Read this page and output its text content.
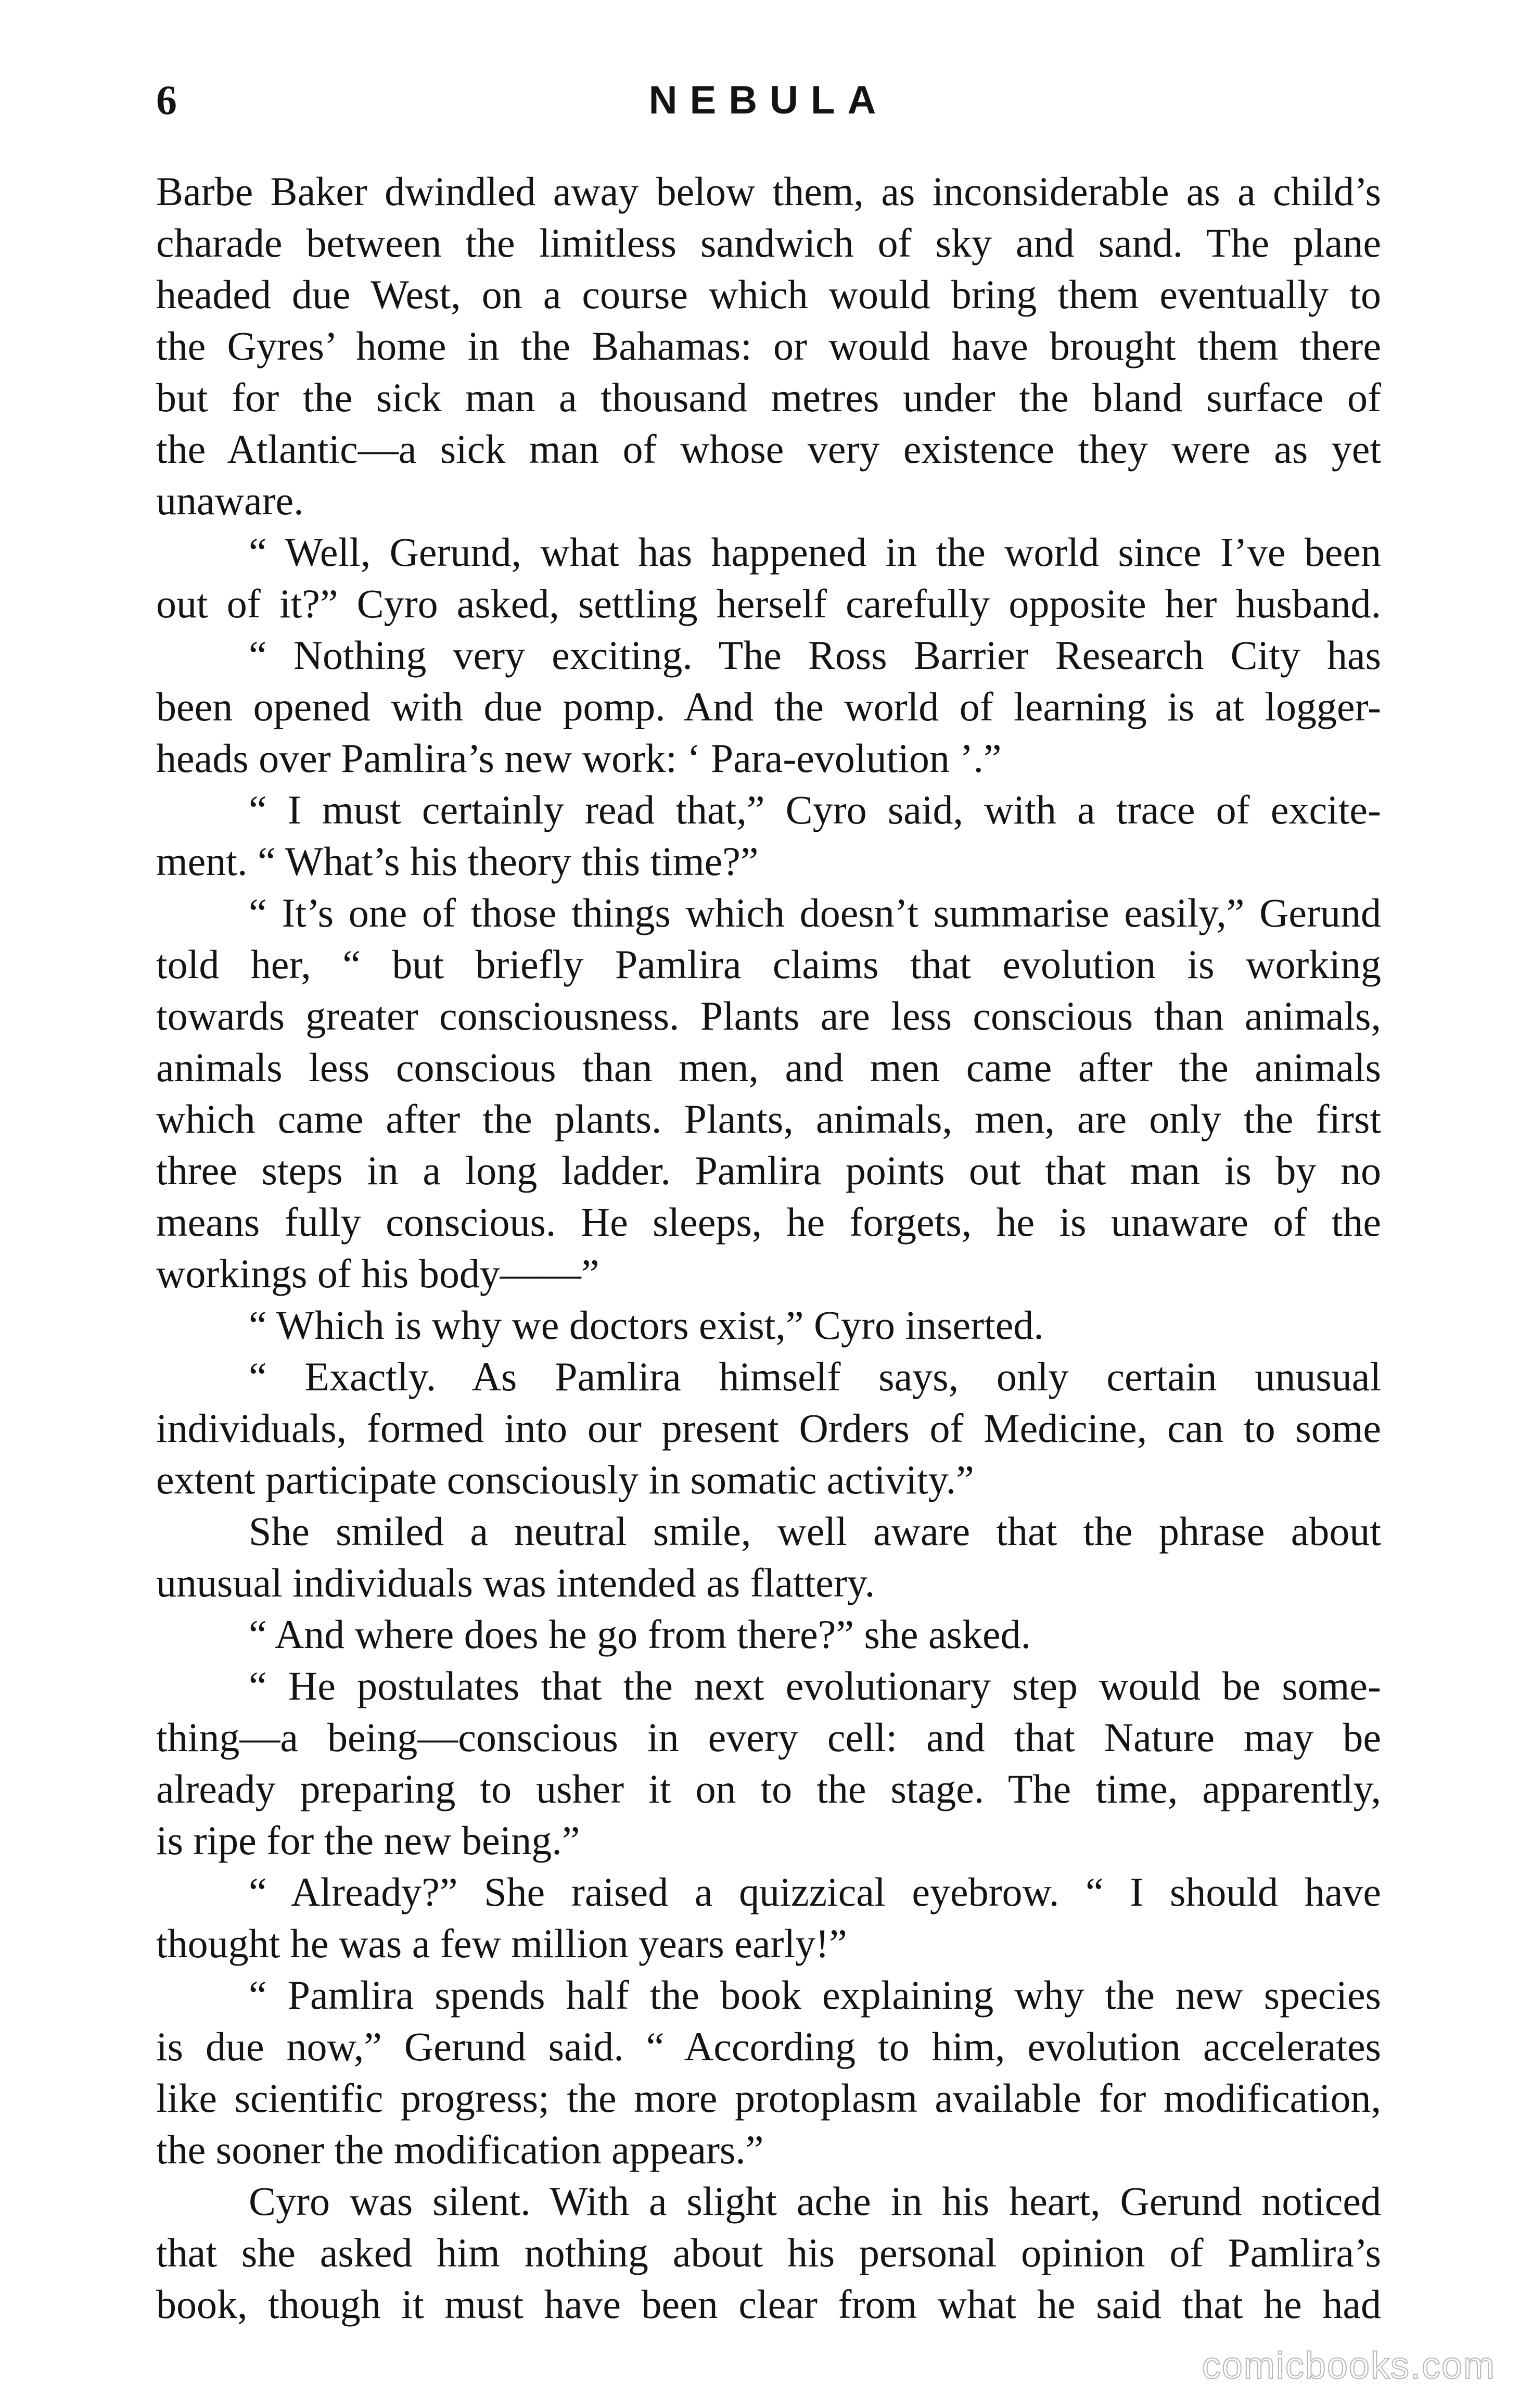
6	NEBULA
Barbe Baker dwindled away below them, as inconsiderable as a child’s
charade between the limitless sandwich of sky and sand. The plane
headed due West, on a course which would bring them eventually to
the Gyres’ home in the Bahamas: or would have brought them there
but for the sick man a thousand metres under the bland surface of
the Atlantic—a sick man of whose very existence they were as yet
unaware.
“ Well, Gerund, what has happened in the world since I’ve been
out of it?” Cyro asked, settling herself carefully opposite her husband.
“ Nothing very exciting. The Ross Barrier Research City has
been opened with due pomp. And the world of learning is at logger-
heads over Pamlira’s new work: ‘ Para-evolution ’.”
“ I must certainly read that,” Cyro said, with a trace of excite-
ment. “ What’s his theory this time?”
“ It’s one of those things which doesn’t summarise easily,” Gerund
told her, “ but briefly Pamlira claims that evolution is working
towards greater consciousness. Plants are less conscious than animals,
animals less conscious than men, and men came after the animals
which came after the plants. Plants, animals, men, are only the first
three steps in a long ladder. Pamlira points out that man is by no
means fully conscious. He sleeps, he forgets, he is unaware of the
workings of his body——”
“ Which is why we doctors exist,” Cyro inserted.
“ Exactly. As Pamlira himself says, only certain unusual
individuals, formed into our present Orders of Medicine, can to some
extent participate consciously in somatic activity.”
She smiled a neutral smile, well aware that the phrase about
unusual individuals was intended as flattery.
“ And where does he go from there?” she asked.
“ He postulates that the next evolutionary step would be some-
thing—a being—conscious in every cell: and that Nature may be
already preparing to usher it on to the stage. The time, apparently,
is ripe for the new being.”
“ Already?” She raised a quizzical eyebrow. “ I should have
thought he was a few million years early!”
“ Pamlira spends half the book explaining why the new species
is due now,” Gerund said. “ According to him, evolution accelerates
like scientific progress; the more protoplasm available for modification,
the sooner the modification appears.”
Cyro was silent. With a slight ache in his heart, Gerund noticed
that she asked him nothing about his personal opinion of Pamlira’s
book, though it must have been clear from what he said that he had
comicbooks.com
